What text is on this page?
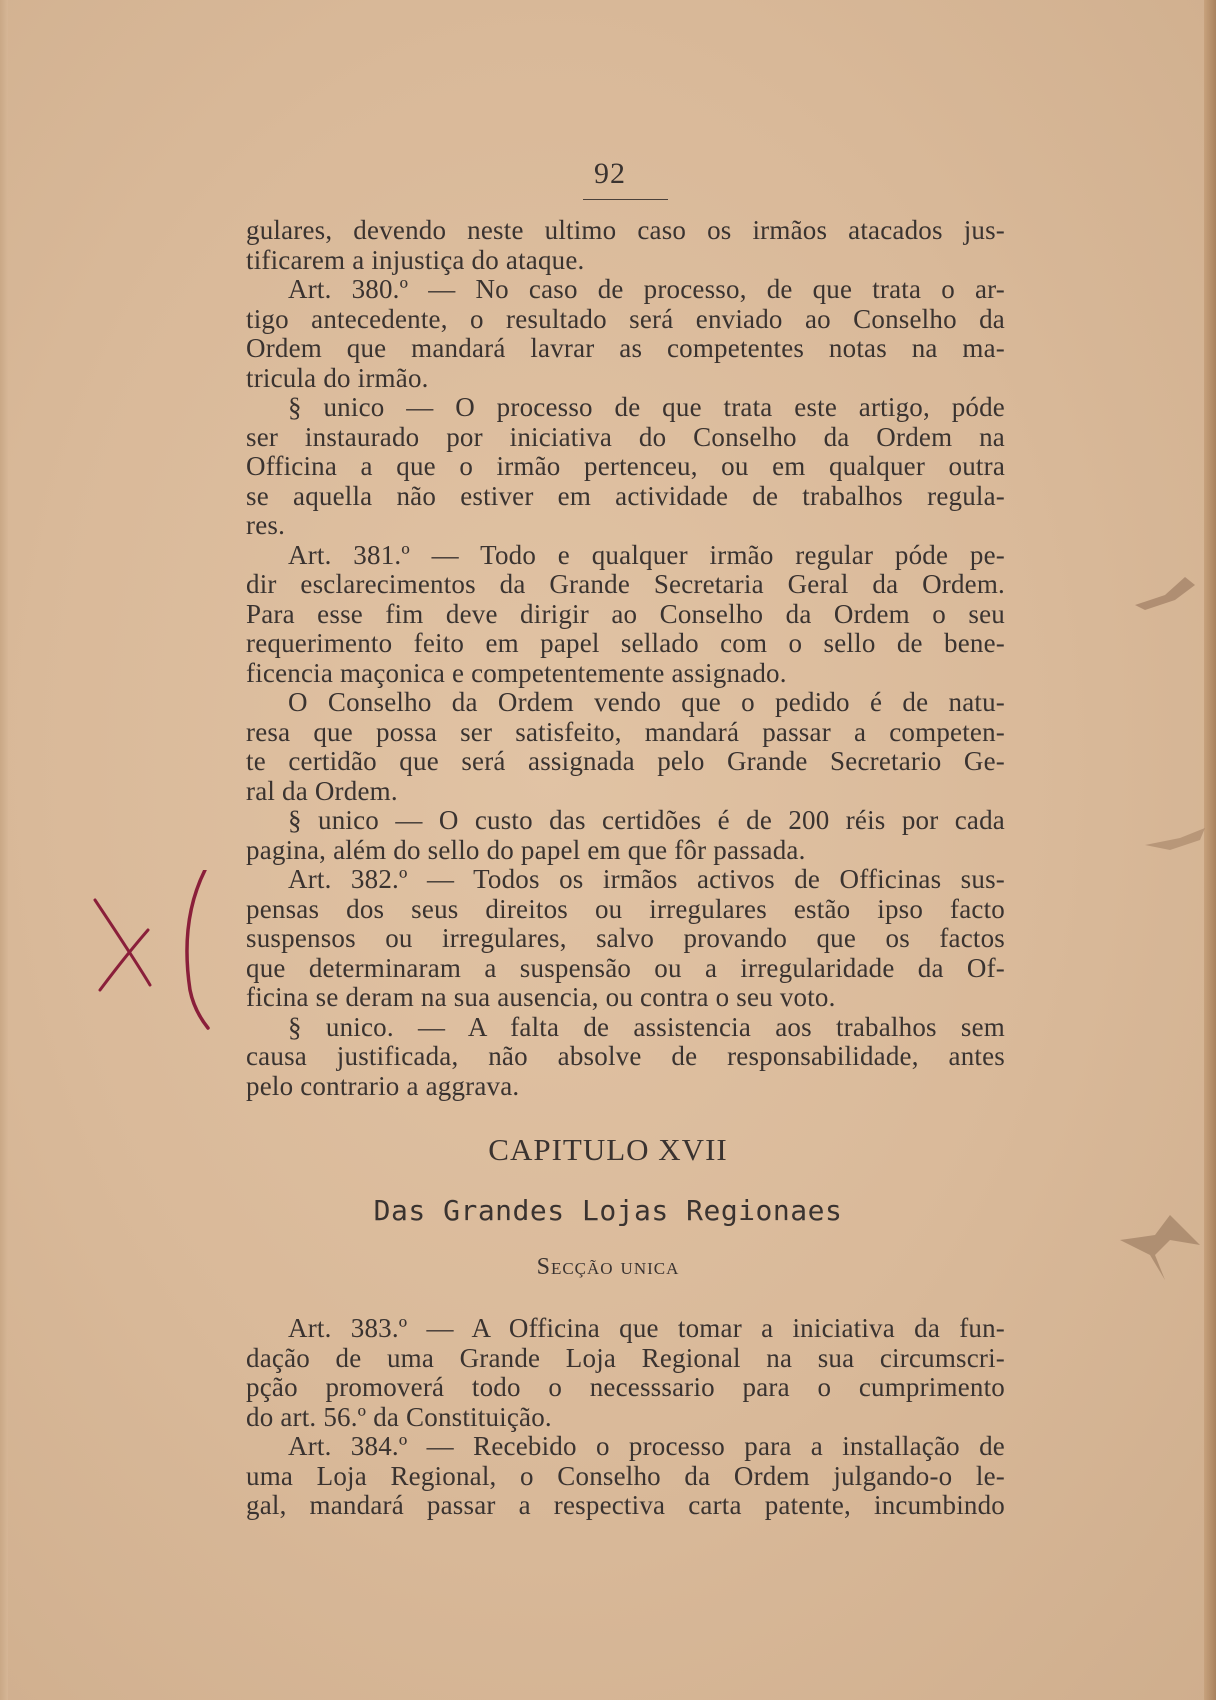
92
gulares, devendo neste ultimo caso os irmãos atacados jus-
tificarem a injustiça do ataque.
Art. 380.º — No caso de processo, de que trata o ar-
tigo antecedente, o resultado será enviado ao Conselho da
Ordem que mandará lavrar as competentes notas na ma-
tricula do irmão.
§ unico — O processo de que trata este artigo, póde
ser instaurado por iniciativa do Conselho da Ordem na
Officina a que o irmão pertenceu, ou em qualquer outra
se aquella não estiver em actividade de trabalhos regula-
res.
Art. 381.º — Todo e qualquer irmão regular póde pe-
dir esclarecimentos da Grande Secretaria Geral da Ordem.
Para esse fim deve dirigir ao Conselho da Ordem o seu
requerimento feito em papel sellado com o sello de bene-
ficencia maçonica e competentemente assignado.
O Conselho da Ordem vendo que o pedido é de natu-
resa que possa ser satisfeito, mandará passar a competen-
te certidão que será assignada pelo Grande Secretario Ge-
ral da Ordem.
§ unico — O custo das certidões é de 200 réis por cada
pagina, além do sello do papel em que fôr passada.
Art. 382.º — Todos os irmãos activos de Officinas sus-
pensas dos seus direitos ou irregulares estão ipso facto
suspensos ou irregulares, salvo provando que os factos
que determinaram a suspensão ou a irregularidade da Of-
ficina se deram na sua ausencia, ou contra o seu voto.
§ unico. — A falta de assistencia aos trabalhos sem
causa justificada, não absolve de responsabilidade, antes
pelo contrario a aggrava.
CAPITULO XVII
Das Grandes Lojas Regionaes
Secção unica
Art. 383.º — A Officina que tomar a iniciativa da fun-
dação de uma Grande Loja Regional na sua circumscri-
pção promoverá todo o necesssario para o cumprimento
do art. 56.º da Constituição.
Art. 384.º — Recebido o processo para a installação de
uma Loja Regional, o Conselho da Ordem julgando-o le-
gal, mandará passar a respectiva carta patente, incumbindo
